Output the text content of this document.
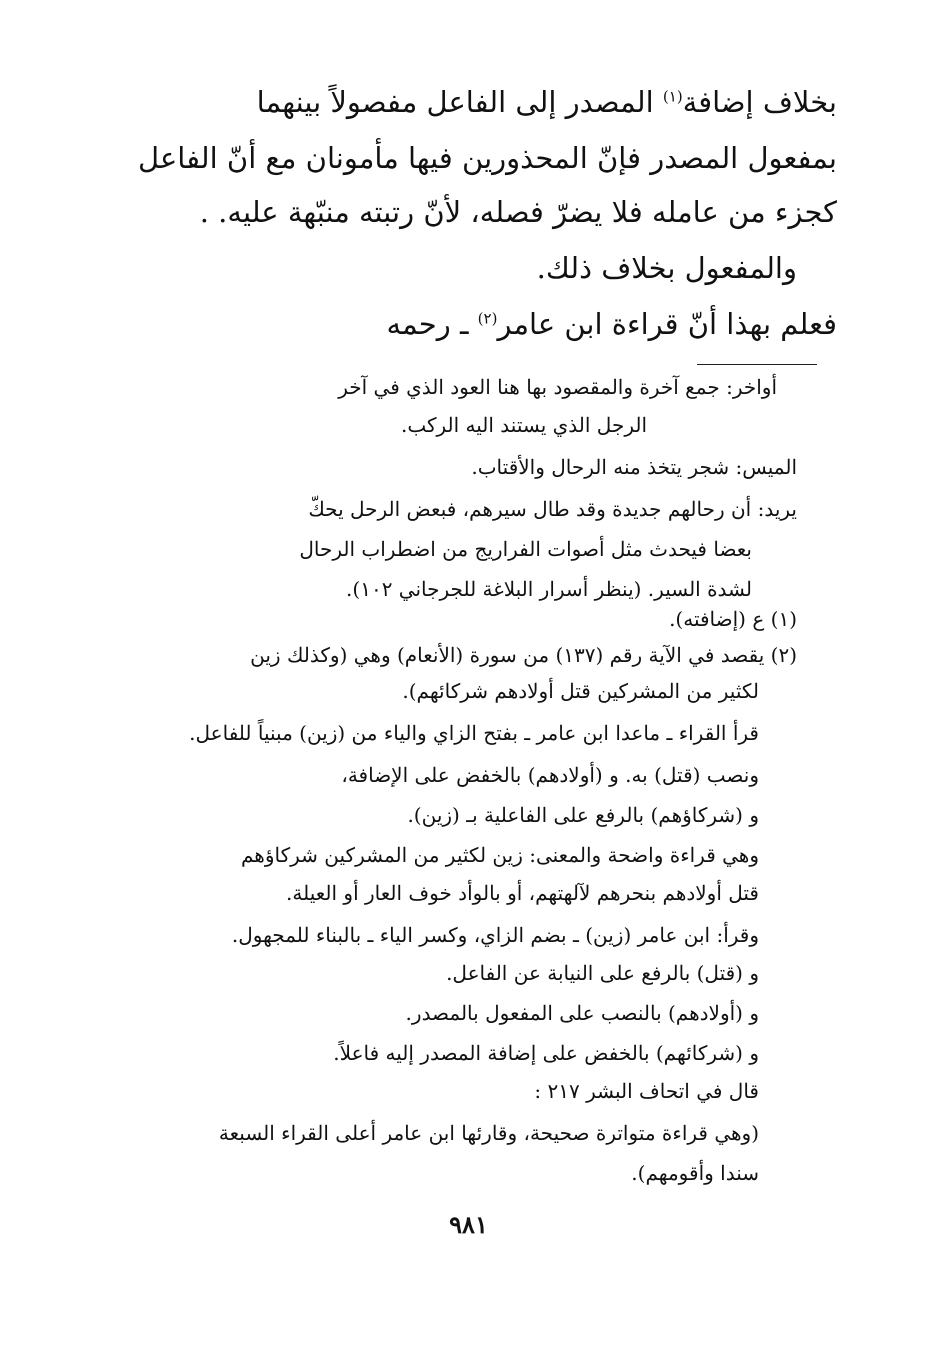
بخلاف إضافة$^{(١)}$ المصدر إلى الفاعل مفصولاً بينهما
بمفعول المصدر فإنّ المحذورين فيها مأمونان مع أنّ الفاعل
كجزء من عامله فلا يضرّ فصله، لأنّ رتبته منبّهة عليه. .
والمفعول بخلاف ذلك.
فعلم بهذا أنّ قراءة ابن عامر$^{(٢)}$ ـ رحمه
أواخر: جمع آخرة والمقصود بها هنا العود الذي في آخر
الرجل الذي يستند اليه الركب.
الميس: شجر يتخذ منه الرحال والأقتاب.
يريد: أن رحالهم جديدة وقد طال سيرهم، فبعض الرحل يحكّ
بعضا فيحدث مثل أصوات الفراريج من اضطراب الرحال
لشدة السير. (ينظر أسرار البلاغة للجرجاني ١٠٢).
(١) ع (إضافته).
(٢) يقصد في الآية رقم (١٣٧) من سورة (الأنعام) وهي (وكذلك زين
لكثير من المشركين قتل أولادهم شركائهم).
قرأ القراء ـ ماعدا ابن عامر ـ بفتح الزاي والياء من (زين) مبنياً للفاعل.
ونصب (قتل) به. و (أولادهم) بالخفض على الإضافة،
و (شركاؤهم) بالرفع على الفاعلية بـ (زين).
وهي قراءة واضحة والمعنى: زين لكثير من المشركين شركاؤهم
قتل أولادهم بنحرهم لآلهتهم، أو بالوأد خوف العار أو العيلة.
وقرأ: ابن عامر (زين) ـ بضم الزاي، وكسر الياء ـ بالبناء للمجهول.
و (قتل) بالرفع على النيابة عن الفاعل.
و (أولادهم) بالنصب على المفعول بالمصدر.
و (شركائهم) بالخفض على إضافة المصدر إليه فاعلاً.
قال في اتحاف البشر ٢١٧ :
(وهي قراءة متواترة صحيحة، وقارئها ابن عامر أعلى القراء السبعة
سندا وأقومهم).
٩٨١
